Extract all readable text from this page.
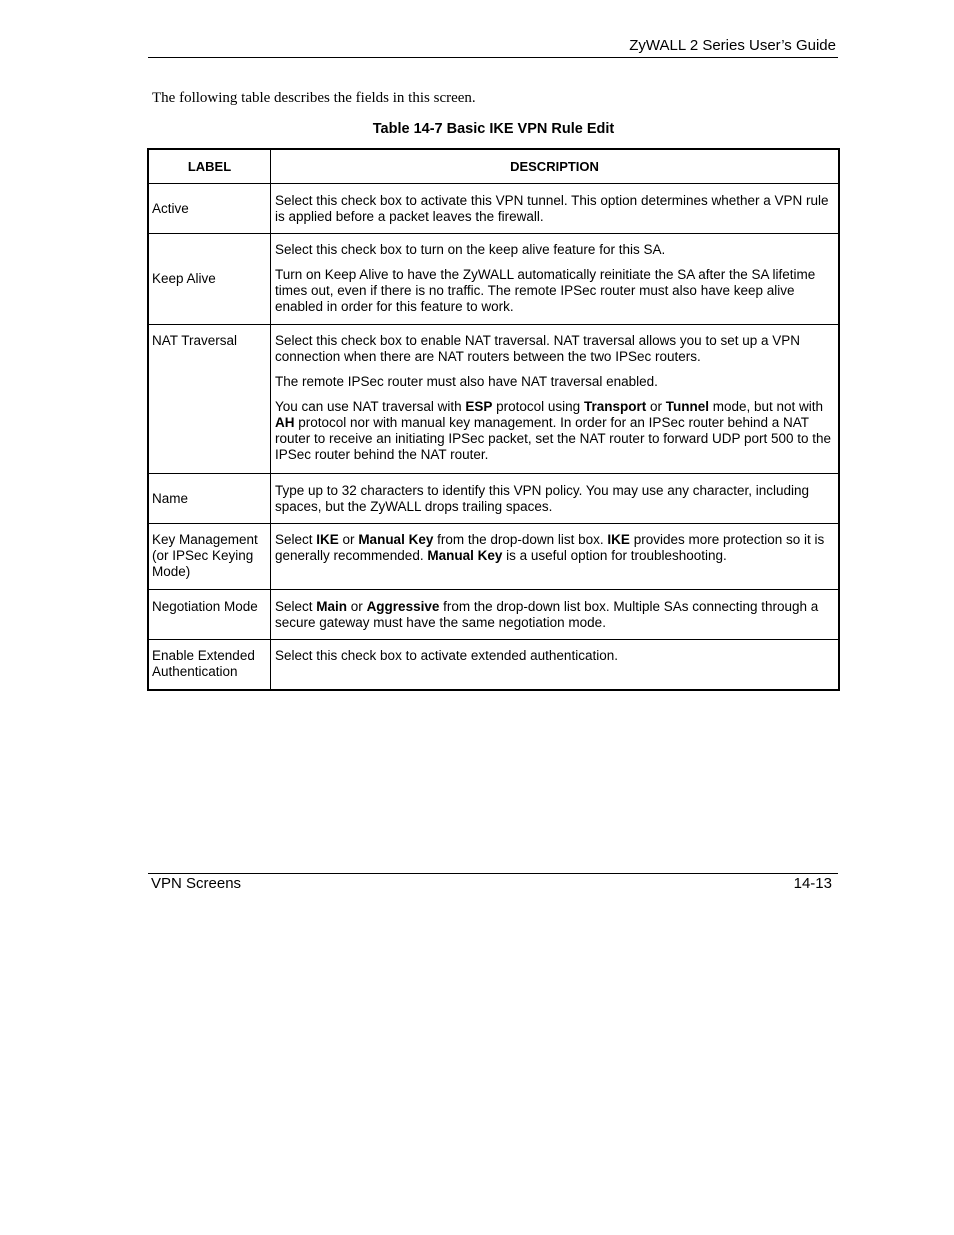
ZyWALL 2 Series User’s Guide
The following table describes the fields in this screen.
Table 14-7 Basic IKE VPN Rule Edit
LABEL	DESCRIPTION
Active	Select this check box to activate this VPN tunnel. This option determines whether a VPN rule is applied before a packet leaves the firewall.

Keep Alive	Select this check box to turn on the keep alive feature for this SA.
Turn on Keep Alive to have the ZyWALL automatically reinitiate the SA after the SA lifetime times out, even if there is no traffic. The remote IPSec router must also have keep alive enabled in order for this feature to work.

NAT Traversal	Select this check box to enable NAT traversal. NAT traversal allows you to set up a VPN connection when there are NAT routers between the two IPSec routers.
The remote IPSec router must also have NAT traversal enabled.
You can use NAT traversal with ESP protocol using Transport or Tunnel mode, but not with AH protocol nor with manual key management. In order for an IPSec router behind a NAT router to receive an initiating IPSec packet, set the NAT router to forward UDP port 500 to the IPSec router behind the NAT router.

Name	Type up to 32 characters to identify this VPN policy. You may use any character, including spaces, but the ZyWALL drops trailing spaces.

Key Management (or IPSec Keying Mode)	Select IKE or Manual Key from the drop-down list box. IKE provides more protection so it is generally recommended. Manual Key is a useful option for troubleshooting.

Negotiation Mode	Select Main or Aggressive from the drop-down list box. Multiple SAs connecting through a secure gateway must have the same negotiation mode.

Enable Extended Authentication	Select this check box to activate extended authentication.
VPN Screens	14-13
